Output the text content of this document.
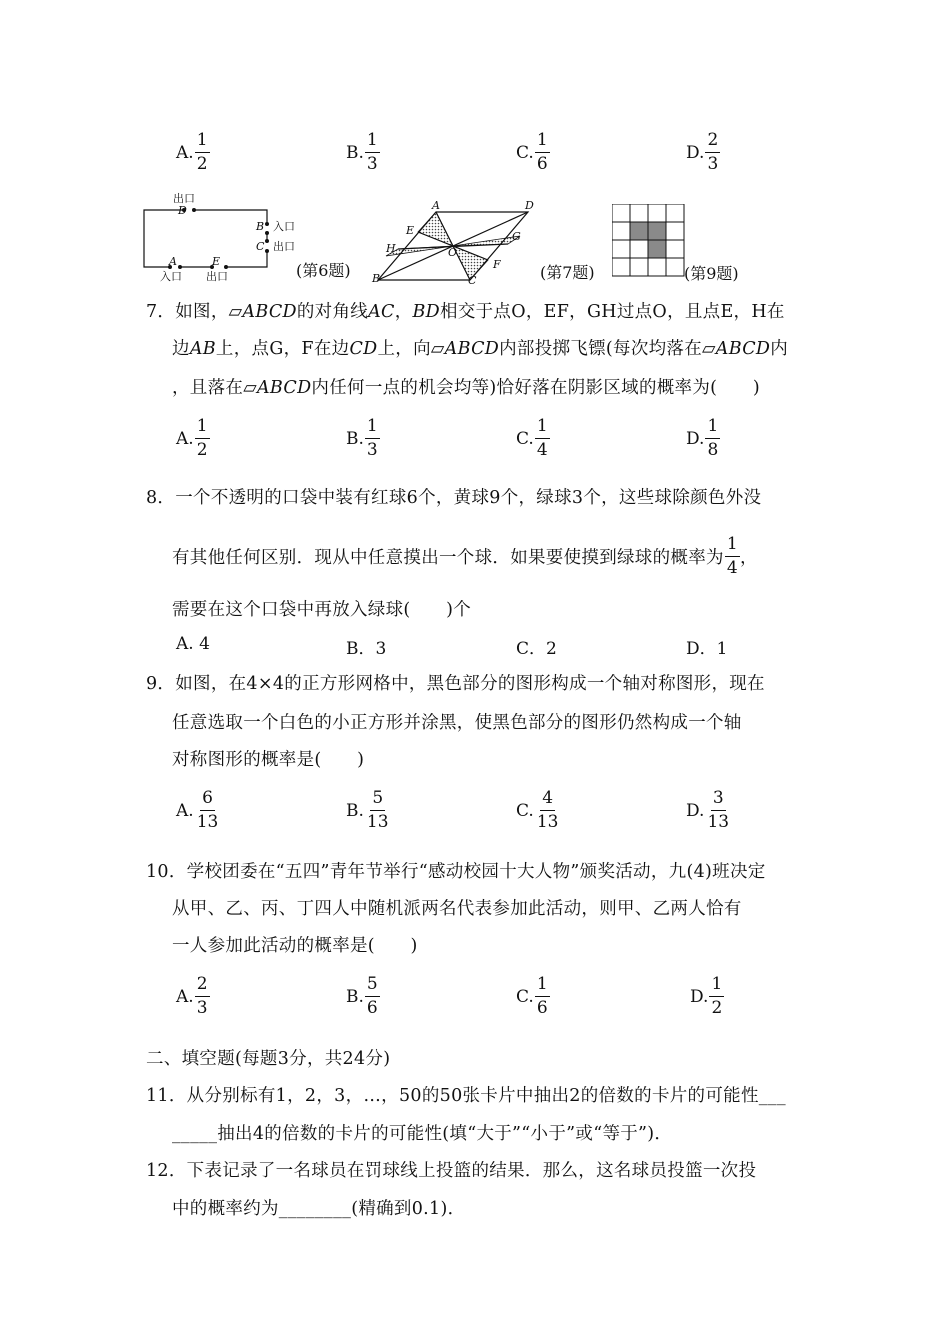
A. $\frac{1}{2}$	B. $\frac{1}{3}$	C. $\frac{1}{6}$	D. $\frac{2}{3}$
出口
D
B 入口
C 出口
A	E
入口 出口	(第6题)
A	D
E	G
H	O
F
B	C	(第7题)	(第9题)
7．如图，▱ABCD的对角线AC，BD相交于点O，EF，GH过点O，且点E，H在
边AB上，点G，F在边CD上，向▱ABCD内部投掷飞镖(每次均落在▱ABCD内
，且落在▱ABCD内任何一点的机会均等)恰好落在阴影区域的概率为(　　)
A. $\frac{1}{2}$	B. $\frac{1}{3}$	C. $\frac{1}{4}$	D. $\frac{1}{8}$
8．一个不透明的口袋中装有红球6个，黄球9个，绿球3个，这些球除颜色外没
有其他任何区别．现从中任意摸出一个球．如果要使摸到绿球的概率为 $\frac{1}{4}$ ，
需要在这个口袋中再放入绿球(　　)个
A. 4	B．3	C．2	D．1
9．如图，在4×4的正方形网格中，黑色部分的图形构成一个轴对称图形，现在
任意选取一个白色的小正方形并涂黑，使黑色部分的图形仍然构成一个轴
对称图形的概率是(　　)
A. $\frac{6}{13}$	B. $\frac{5}{13}$	C. $\frac{4}{13}$	D. $\frac{3}{13}$
10．学校团委在“五四”青年节举行“感动校园十大人物”颁奖活动，九(4)班决定
从甲、乙、丙、丁四人中随机派两名代表参加此活动，则甲、乙两人恰有
一人参加此活动的概率是(　　)
A. $\frac{2}{3}$	B. $\frac{5}{6}$	C. $\frac{1}{6}$	D. $\frac{1}{2}$
二、填空题(每题3分，共24分)
11．从分别标有1，2，3，…，50的50张卡片中抽出2的倍数的卡片的可能性___
_____抽出4的倍数的卡片的可能性(填“大于”“小于”或“等于”)．
12．下表记录了一名球员在罚球线上投篮的结果．那么，这名球员投篮一次投
中的概率约为________(精确到0.1)．
